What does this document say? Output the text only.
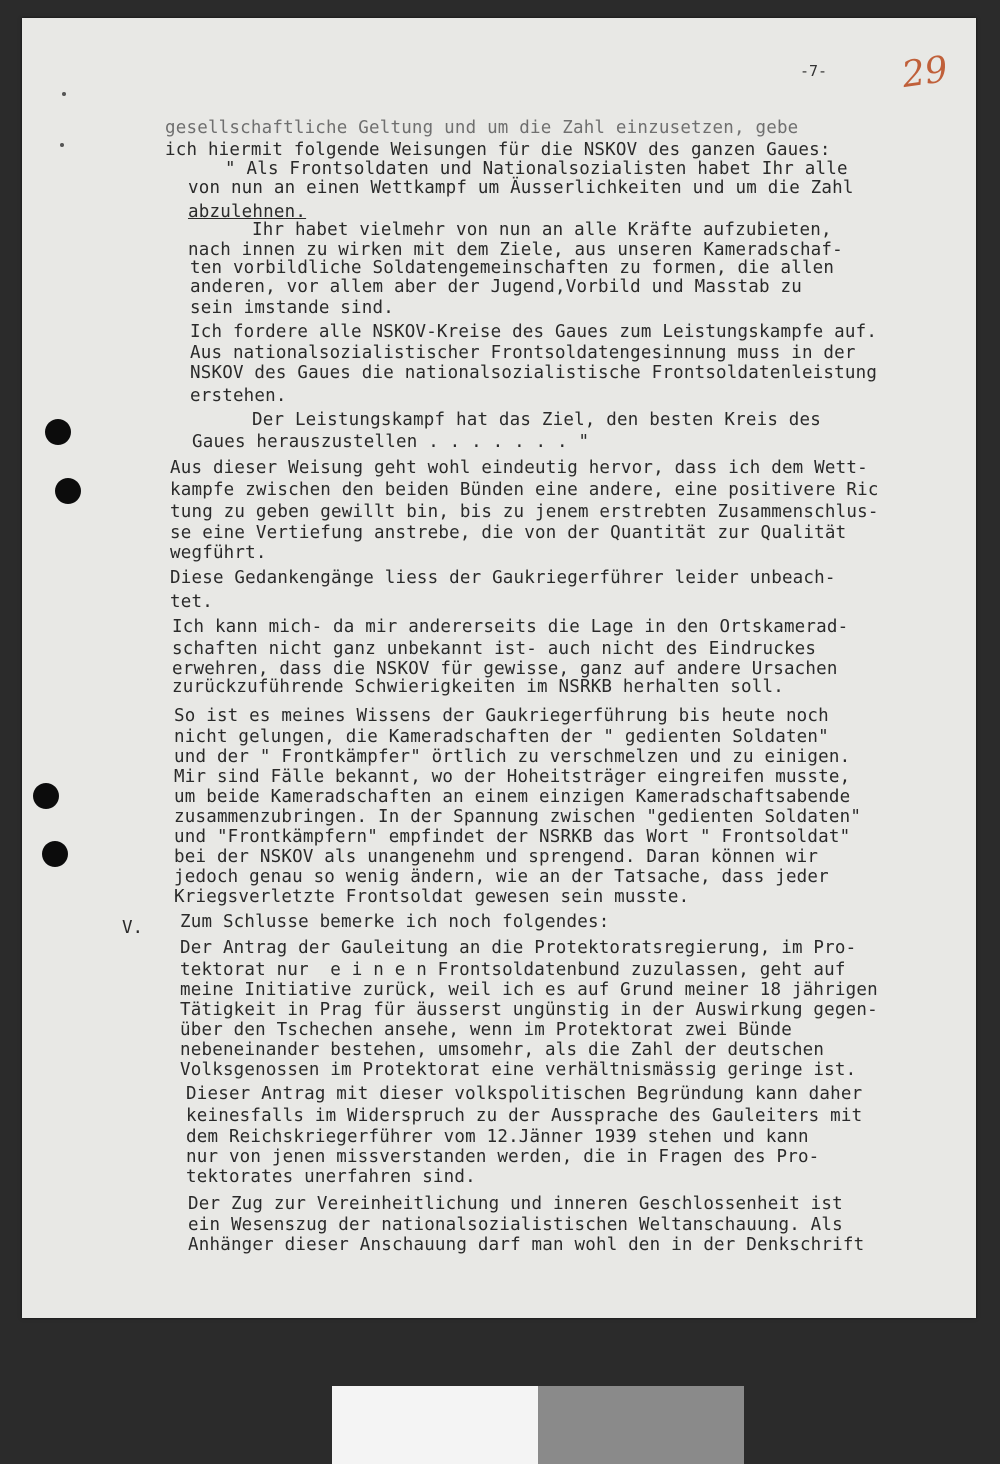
-7- 29
V.
gesellschaftliche Geltung und um die Zahl einzusetzen, gebe
ich hiermit folgende Weisungen für die NSKOV des ganzen Gaues:
" Als Frontsoldaten und Nationalsozialisten habet Ihr alle
von nun an einen Wettkampf um Äusserlichkeiten und um die Zahl
abzulehnen.
Ihr habet vielmehr von nun an alle Kräfte aufzubieten,
nach innen zu wirken mit dem Ziele, aus unseren Kameradschaf-
ten vorbildliche Soldatengemeinschaften zu formen, die allen
anderen, vor allem aber der Jugend,Vorbild und Masstab zu
sein imstande sind.
Ich fordere alle NSKOV-Kreise des Gaues zum Leistungskampfe auf.
Aus nationalsozialistischer Frontsoldatengesinnung muss in der
NSKOV des Gaues die nationalsozialistische Frontsoldatenleistung
erstehen.
Der Leistungskampf hat das Ziel, den besten Kreis des
Gaues herauszustellen . . . . . . . "
Aus dieser Weisung geht wohl eindeutig hervor, dass ich dem Wett-
kampfe zwischen den beiden Bünden eine andere, eine positivere Ric
tung zu geben gewillt bin, bis zu jenem erstrebten Zusammenschlus-
se eine Vertiefung anstrebe, die von der Quantität zur Qualität
wegführt.
Diese Gedankengänge liess der Gaukriegerführer leider unbeach-
tet.
Ich kann mich- da mir andererseits die Lage in den Ortskamerad-
schaften nicht ganz unbekannt ist- auch nicht des Eindruckes
erwehren, dass die NSKOV für gewisse, ganz auf andere Ursachen
zurückzuführende Schwierigkeiten im NSRKB herhalten soll.
So ist es meines Wissens der Gaukriegerführung bis heute noch
nicht gelungen, die Kameradschaften der " gedienten Soldaten"
und der " Frontkämpfer" örtlich zu verschmelzen und zu einigen.
Mir sind Fälle bekannt, wo der Hoheitsträger eingreifen musste,
um beide Kameradschaften an einem einzigen Kameradschaftsabende
zusammenzubringen. In der Spannung zwischen "gedienten Soldaten"
und "Frontkämpfern" empfindet der NSRKB das Wort " Frontsoldat"
bei der NSKOV als unangenehm und sprengend. Daran können wir
jedoch genau so wenig ändern, wie an der Tatsache, dass jeder
Kriegsverletzte Frontsoldat gewesen sein musste.
Zum Schlusse bemerke ich noch folgendes:
Der Antrag der Gauleitung an die Protektoratsregierung, im Pro-
tektorat nur  e i n e n Frontsoldatenbund zuzulassen, geht auf
meine Initiative zurück, weil ich es auf Grund meiner 18 jährigen
Tätigkeit in Prag für äusserst ungünstig in der Auswirkung gegen-
über den Tschechen ansehe, wenn im Protektorat zwei Bünde
nebeneinander bestehen, umsomehr, als die Zahl der deutschen
Volksgenossen im Protektorat eine verhältnismässig geringe ist.
Dieser Antrag mit dieser volkspolitischen Begründung kann daher
keinesfalls im Widerspruch zu der Aussprache des Gauleiters mit
dem Reichskriegerführer vom 12.Jänner 1939 stehen und kann
nur von jenen missverstanden werden, die in Fragen des Pro-
tektorates unerfahren sind.
Der Zug zur Vereinheitlichung und inneren Geschlossenheit ist
ein Wesenszug der nationalsozialistischen Weltanschauung. Als
Anhänger dieser Anschauung darf man wohl den in der Denkschrift
